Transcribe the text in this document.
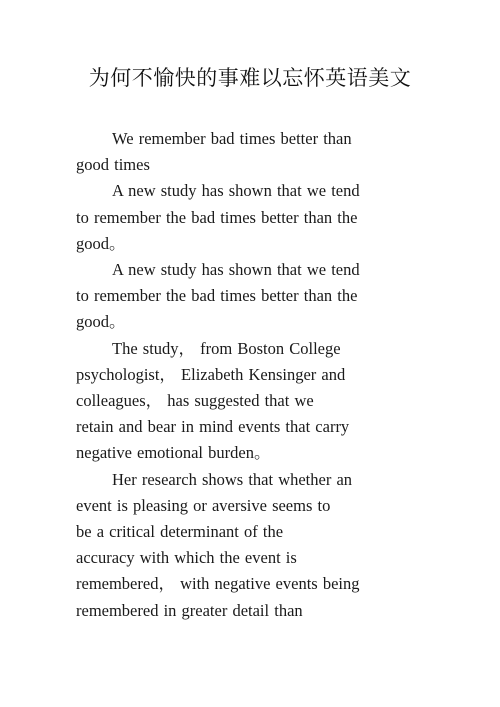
为何不愉快的事难以忘怀英语美文
We remember bad times better than
good times
A new study has shown that we tend
to remember the bad times better than the
good。
A new study has shown that we tend
to remember the bad times better than the
good。
The study， from Boston College
psychologist， Elizabeth Kensinger and
colleagues， has suggested that we
retain and bear in mind events that carry
negative emotional burden。
Her research shows that whether an
event is pleasing or aversive seems to
be a critical determinant of the
accuracy with which the event is
remembered， with negative events being
remembered in greater detail than
